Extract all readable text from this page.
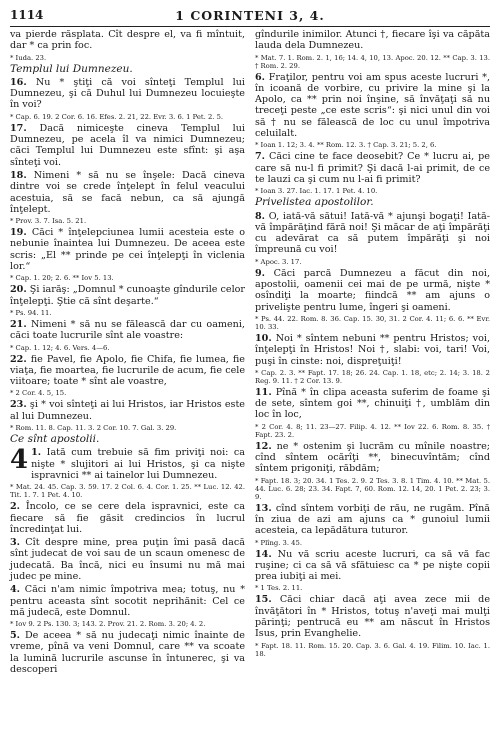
1114	1 CORINTENI 3, 4.

va pierde răsplata. Cît despre el, va fi mîntuit, dar * ca prin foc.

* Iuda. 23.

Templul lui Dumnezeu.

16. Nu * ştiţi că voi sînteţi Templul lui Dumnezeu, şi că Duhul lui Dumnezeu locuieşte în voi?

* Cap. 6. 19. 2 Cor. 6. 16. Efes. 2. 21, 22. Evr. 3. 6. 1 Pet. 2. 5.

17. Dacă nimiceşte cineva Templul lui Dumnezeu, pe acela îl va nimici Dumnezeu; căci Templul lui Dumnezeu este sfînt: şi aşa sînteţi voi.

18. Nimeni * să nu se înşele: Dacă cineva dintre voi se crede înţelept în felul veacului acestuia, să se facă nebun, ca să ajungă înţelept.

* Prov. 3. 7. Isa. 5. 21.

19. Căci * înţelepciunea lumii acesteia este o nebunie înaintea lui Dumnezeu. De aceea este scris: „El ** prinde pe cei înţelepţi în viclenia lor.“

* Cap. 1. 20; 2. 6. ** Iov 5. 13.

20. Şi iarăş: „Domnul * cunoaşte gîndurile celor înţelepţi. Ştie că sînt deşarte.“

* Ps. 94. 11.

21. Nimeni * să nu se fălească dar cu oameni, căci toate lucrurile sînt ale voastre:

* Cap. 1. 12; 4. 6. Vers. 4—6.

22. fie Pavel, fie Apolo, fie Chifa, fie lumea, fie viaţa, fie moartea, fie lucrurile de acum, fie cele viitoare; toate * sînt ale voastre,

* 2 Cor. 4. 5, 15.

23. şi * voi sînteţi ai lui Hristos, iar Hristos este al lui Dumnezeu.

* Rom. 11. 8. Cap. 11. 3. 2 Cor. 10. 7. Gal. 3. 29.

Ce sînt apostolii.

4 1. Iată cum trebuie să fim priviţi noi: ca nişte * slujitori ai lui Hristos, şi ca nişte ispravnici ** ai tainelor lui Dumnezeu.

* Mat. 24. 45. Cap. 3. 59. 17. 2 Col. 6. 4. Cor. 1. 25. ** Luc. 12. 42. Tit. 1. 7. 1 Pet. 4. 10.

2. Încolo, ce se cere dela ispravnici, este ca fiecare să fie găsit credincios în lucrul încredinţat lui.

3. Cît despre mine, prea puţin îmi pasă dacă sînt judecat de voi sau de un scaun omenesc de judecată. Ba încă, nici eu însumi nu mă mai judec pe mine.

4. Căci n'am nimic împotriva mea; totuş, nu * pentru aceasta sînt socotit neprihănit: Cel ce mă judecă, este Domnul.

* Iov 9. 2 Ps. 130. 3; 143. 2. Prov. 21. 2. Rom. 3. 20; 4. 2.

5. De aceea * să nu judecaţi nimic înainte de vreme, pînă va veni Domnul, care ** va scoate la lumină lucrurile ascunse în întunerec, şi va descoperi

gîndurile inimilor. Atunci †, fiecare îşi va căpăta lauda dela Dumnezeu.

* Mat. 7. 1. Rom. 2. 1, 16; 14. 4, 10, 13. Apoc. 20. 12. ** Cap. 3. 13. † Rom. 2. 29.

6. Fraţilor, pentru voi am spus aceste lucruri *, în icoană de vorbire, cu privire la mine şi la Apolo, ca ** prin noi înşine, să învăţaţi să nu treceţi peste „ce este scris“: şi nici unul din voi să † nu se fălească de loc cu unul împotriva celuilalt.

* Ioan 1. 12; 3. 4. ** Rom. 12. 3. † Cap. 3. 21; 5. 2, 6.

7. Căci cine te face deosebit? Ce * lucru ai, pe care să nu-l fi primit? Şi dacă l-ai primit, de ce te lauzi ca şi cum nu l-ai fi primit?

* Ioan 3. 27. Iac. 1. 17. 1 Pet. 4. 10.

Privelistea apostolilor.

8. O, iată-vă sătui! Iată-vă * ajunşi bogaţi! Iată-vă împărăţind fără noi! Şi măcar de aţi împărăţi cu adevărat ca să putem împărăţi şi noi împreună cu voi!

* Apoc. 3. 17.

9. Căci parcă Dumnezeu a făcut din noi, apostolii, oamenii cei mai de pe urmă, nişte * osîndiţi la moarte; fiindcă ** am ajuns o privelişte pentru lume, îngeri şi oameni.

* Ps. 44. 22. Rom. 8. 36. Cap. 15. 30, 31. 2 Cor. 4. 11; 6. 6. ** Evr. 10. 33.

10. Noi * sîntem nebuni ** pentru Hristos; voi, înţelepţi în Hristos! Noi †, slabi: voi, tari! Voi, puşi în cinste: noi, dispreţuiţi!

* Cap. 2. 3. ** Fapt. 17. 18; 26. 24. Cap. 1. 18, etc; 2. 14; 3. 18. 2 Reg. 9. 11. † 2 Cor. 13. 9.

11. Pînă * în clipa aceasta suferim de foame şi de sete, sîntem goi **, chinuiţi †, umblăm din loc în loc,

* 2 Cor. 4. 8; 11. 23—27. Filip. 4. 12. ** Iov 22. 6. Rom. 8. 35. † Fapt. 23. 2.

12. ne * ostenim şi lucrăm cu mînile noastre; cînd sîntem ocărîţi **, binecuvîntăm; cînd sîntem prigoniţi, răbdăm;

* Fapt. 18. 3; 20. 34. 1 Tes. 2. 9. 2 Tes. 3. 8. 1 Tim. 4. 10. ** Mat. 5. 44. Luc. 6. 28; 23. 34. Fapt. 7, 60. Rom. 12. 14, 20. 1 Pet. 2. 23; 3. 9.

13. cînd sîntem vorbiţi de rău, ne rugăm. Pînă în ziua de azi am ajuns ca * gunoiul lumii acesteia, ca lepădătura tuturor.

* Plîng. 3. 45.

14. Nu vă scriu aceste lucruri, ca să vă fac ruşine; ci ca să vă sfătuiesc ca * pe nişte copii prea iubiţi ai mei.

* 1 Tes. 2. 11.

15. Căci chiar dacă aţi avea zece mii de învăţători în * Hristos, totuş n'aveţi mai mulţi părinţi; pentrucă eu ** am născut în Hristos Isus, prin Evanghelie.

* Fapt. 18. 11. Rom. 15. 20. Cap. 3. 6. Gal. 4. 19. Filim. 10. Iac. 1. 18.
